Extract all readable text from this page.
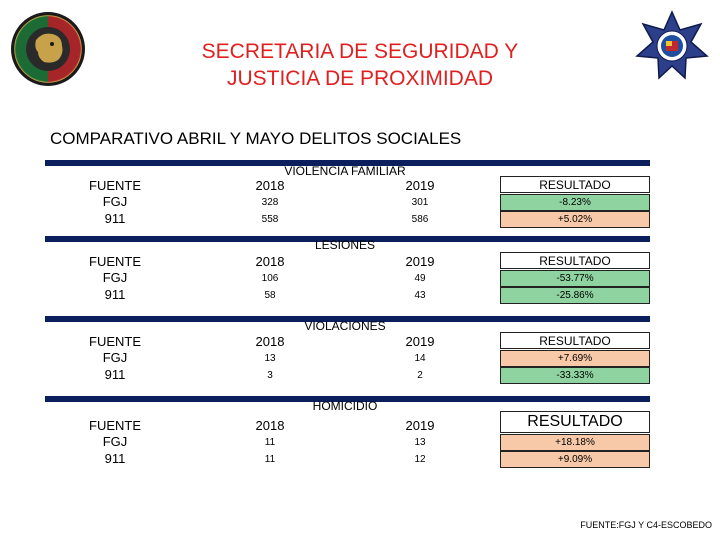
SECRETARIA DE SEGURIDAD Y
JUSTICIA DE PROXIMIDAD
COMPARATIVO ABRIL Y MAYO DELITOS SOCIALES
VIOLENCIA FAMILIAR
FUENTE	2018	2019	RESULTADO
FGJ	328	301	-8.23%
911	558	586	+5.02%
LESIONES
FUENTE	2018	2019	RESULTADO
FGJ	106	49	-53.77%
911	58	43	-25.86%
VIOLACIONES
FUENTE	2018	2019	RESULTADO
FGJ	13	14	+7.69%
911	3	2	-33.33%
HOMICIDIO
FUENTE	2018	2019	RESULTADO
FGJ	11	13	+18.18%
911	11	12	+9.09%
FUENTE:FGJ Y C4-ESCOBEDO
